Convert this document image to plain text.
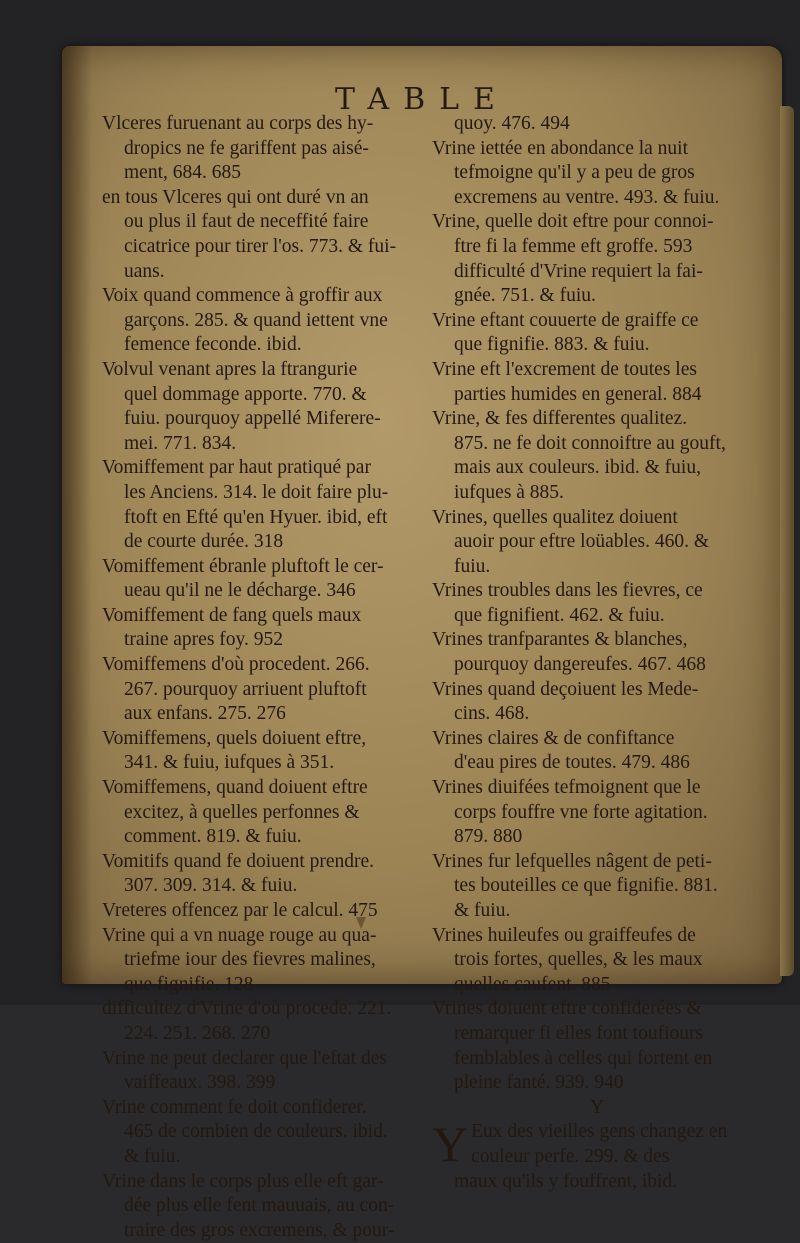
TABLE
Vlceres furuenant au corps des hy-
dropics ne fe gariffent pas aisé-
ment, 684. 685
en tous Vlceres qui ont duré vn an
ou plus il faut de neceffité faire
cicatrice pour tirer l'os. 773. & fui-
uans.
Voix quand commence à groffir aux
garçons. 285. & quand iettent vne
femence feconde. ibid.
Volvul venant apres la ftrangurie
quel dommage apporte. 770. &
fuiu. pourquoy appellé Miferere-
mei. 771. 834.
Vomiffement par haut pratiqué par
les Anciens. 314. le doit faire plu-
ftoft en Efté qu'en Hyuer. ibid, eft
de courte durée. 318
Vomiffement ébranle pluftoft le cer-
ueau qu'il ne le décharge. 346
Vomiffement de fang quels maux
traine apres foy. 952
Vomiffemens d'où procedent. 266.
267. pourquoy arriuent pluftoft
aux enfans. 275. 276
Vomiffemens, quels doiuent eftre,
341. & fuiu, iufques à 351.
Vomiffemens, quand doiuent eftre
excitez, à quelles perfonnes &
comment. 819. & fuiu.
Vomitifs quand fe doiuent prendre.
307. 309. 314. & fuiu.
Vreteres offencez par le calcul. 475
Vrine qui a vn nuage rouge au qua-
triefme iour des fievres malines,
que fignifie. 128
difficultez d'Vrine d'où procede. 221.
224. 251. 268. 270
Vrine ne peut declarer que l'eftat des
vaiffeaux. 398. 399
Vrine comment fe doit confiderer.
465 de combien de couleurs. ibid.
& fuiu.
Vrine dans le corps plus elle eft gar-
dée plus elle fent mauuais, au con-
traire des gros excremens, & pour-
quoy. 476. 494
Vrine iettée en abondance la nuit
tefmoigne qu'il y a peu de gros
excremens au ventre. 493. & fuiu.
Vrine, quelle doit eftre pour connoi-
ftre fi la femme eft groffe. 593
difficulté d'Vrine requiert la fai-
gnée. 751. & fuiu.
Vrine eftant couuerte de graiffe ce
que fignifie. 883. & fuiu.
Vrine eft l'excrement de toutes les
parties humides en general. 884
Vrine, & fes differentes qualitez.
875. ne fe doit connoiftre au gouft,
mais aux couleurs. ibid. & fuiu,
iufques à 885.
Vrines, quelles qualitez doiuent
auoir pour eftre loüables. 460. &
fuiu.
Vrines troubles dans les fievres, ce
que fignifient. 462. & fuiu.
Vrines tranfparantes & blanches,
pourquoy dangereufes. 467. 468
Vrines quand deçoiuent les Mede-
cins. 468.
Vrines claires & de confiftance
d'eau pires de toutes. 479. 486
Vrines diuifées tefmoignent que le
corps fouffre vne forte agitation.
879. 880
Vrines fur lefquelles nâgent de peti-
tes bouteilles ce que fignifie. 881.
& fuiu.
Vrines huileufes ou graiffeufes de
trois fortes, quelles, & les maux
quelles caufent. 885
Vrines doiuent eftre confiderées &
remarquer fi elles font toufiours
femblables à celles qui fortent en
pleine fanté. 939. 940
Y
Y Eux des vieilles gens changez en
couleur perfe. 299. & des
maux qu'ils y fouffrent, ibid.
